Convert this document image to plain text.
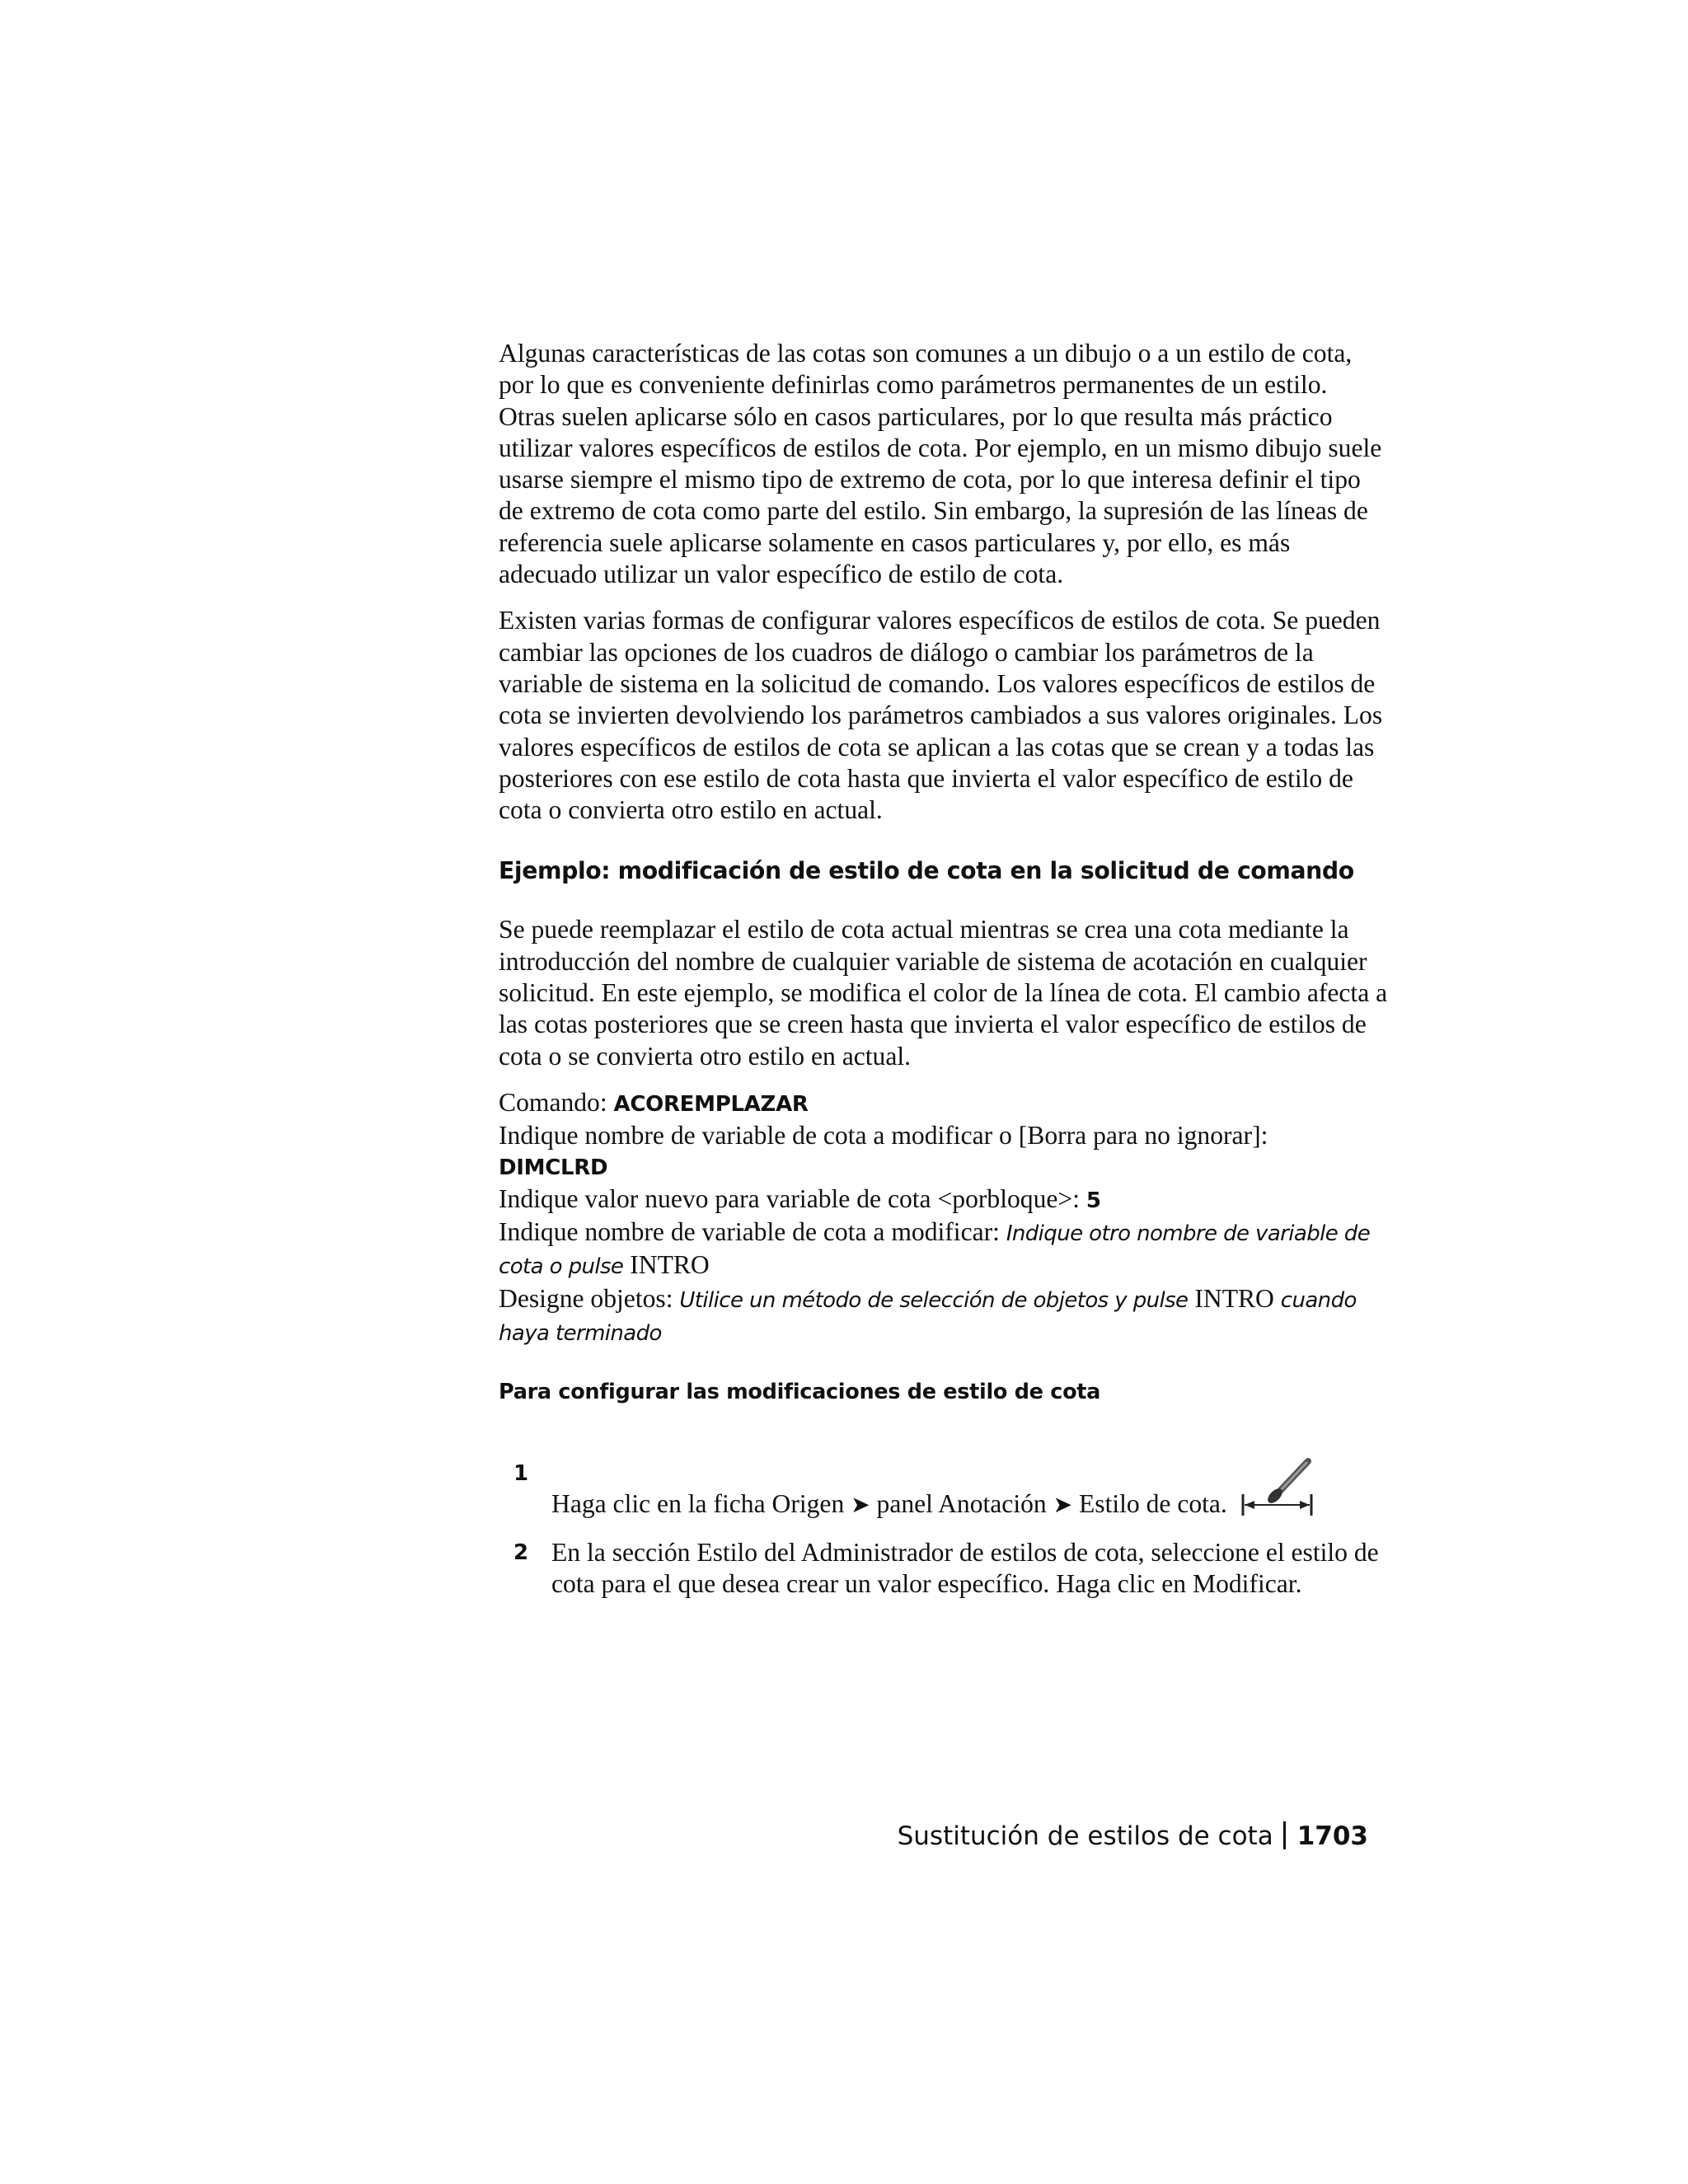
Algunas características de las cotas son comunes a un dibujo o a un estilo de cota, por lo que es conveniente definirlas como parámetros permanentes de un estilo. Otras suelen aplicarse sólo en casos particulares, por lo que resulta más práctico utilizar valores específicos de estilos de cota. Por ejemplo, en un mismo dibujo suele usarse siempre el mismo tipo de extremo de cota, por lo que interesa definir el tipo de extremo de cota como parte del estilo. Sin embargo, la supresión de las líneas de referencia suele aplicarse solamente en casos particulares y, por ello, es más adecuado utilizar un valor específico de estilo de cota.

Existen varias formas de configurar valores específicos de estilos de cota. Se pueden cambiar las opciones de los cuadros de diálogo o cambiar los parámetros de la variable de sistema en la solicitud de comando. Los valores específicos de estilos de cota se invierten devolviendo los parámetros cambiados a sus valores originales. Los valores específicos de estilos de cota se aplican a las cotas que se crean y a todas las posteriores con ese estilo de cota hasta que invierta el valor específico de estilo de cota o convierta otro estilo en actual.

Ejemplo: modificación de estilo de cota en la solicitud de comando

Se puede reemplazar el estilo de cota actual mientras se crea una cota mediante la introducción del nombre de cualquier variable de sistema de acotación en cualquier solicitud. En este ejemplo, se modifica el color de la línea de cota. El cambio afecta a las cotas posteriores que se creen hasta que invierta el valor específico de estilos de cota o se convierta otro estilo en actual.

Comando: ACOREMPLAZAR
Indique nombre de variable de cota a modificar o [Borra para no ignorar]:
DIMCLRD
Indique valor nuevo para variable de cota <porbloque>: 5
Indique nombre de variable de cota a modificar: Indique otro nombre de variable de cota o pulse INTRO
Designe objetos: Utilice un método de selección de objetos y pulse INTRO cuando haya terminado
Para configurar las modificaciones de estilo de cota
1
Haga clic en la ficha Origen ➤ panel Anotación ➤ Estilo de cota.
2 En la sección Estilo del Administrador de estilos de cota, seleccione el estilo de cota para el que desea crear un valor específico. Haga clic en Modificar.
Sustitución de estilos de cota 1703
